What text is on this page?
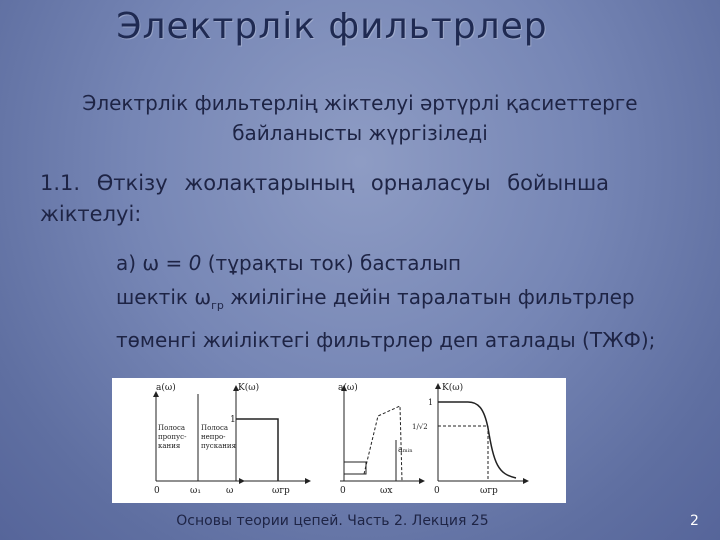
Электрлік фильтрлер
Электрлік фильтерлің жіктелуі әртүрлі қасиеттерге
байланысты жүргізіледі
1.1. Өткізу жолақтарының орналасуы бойынша
жіктелуі:
а) ω = 0 (тұрақты ток) басталып
шектік $\omega_{гр}$ жиілігіне дейін таралатын фильтрлер
төменгі жиіліктегі фильтрлер деп аталады (ТЖФ);
a(ω)
Полоса
пропус-
кания
Полоса
непро-
пускания
0	ω₁	ω
K(ω)
1
ωгр
a(ω)
aₘᵢₙ
0	ωх
K(ω)
1
1/√2
0	ωгр
Основы теории цепей. Часть 2. Лекция 25	2
